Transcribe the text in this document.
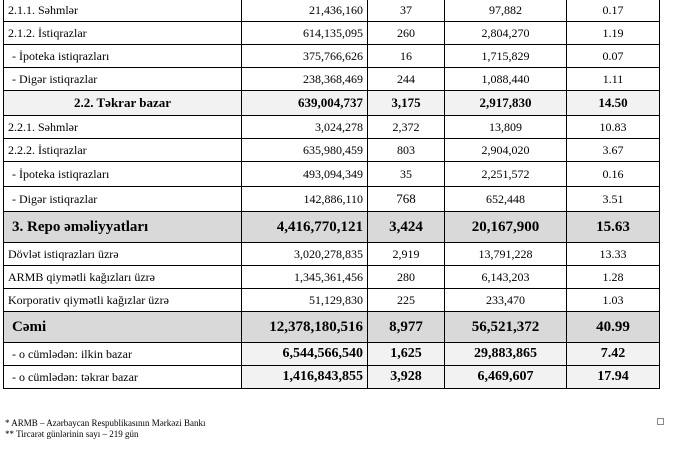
2.1.1. Səhmlər	21,436,160	37	97,882	0.17
2.1.2. İstiqrazlar	614,135,095	260	2,804,270	1.19
- İpoteka istiqrazları	375,766,626	16	1,715,829	0.07
- Digər istiqrazlar	238,368,469	244	1,088,440	1.11
2.2. Təkrar bazar	639,004,737	3,175	2,917,830	14.50
2.2.1. Səhmlər	3,024,278	2,372	13,809	10.83
2.2.2. İstiqrazlar	635,980,459	803	2,904,020	3.67
- İpoteka istiqrazları	493,094,349	35	2,251,572	0.16
- Digər istiqrazlar	142,886,110	768	652,448	3.51
3. Repo əməliyyatları	4,416,770,121	3,424	20,167,900	15.63
Dövlət istiqrazları üzrə	3,020,278,835	2,919	13,791,228	13.33
ARMB qiymətli kağızları üzrə	1,345,361,456	280	6,143,203	1.28
Korporativ qiymətli kağızlar üzrə	51,129,830	225	233,470	1.03
Cəmi	12,378,180,516	8,977	56,521,372	40.99
- o cümlədən: ilkin bazar	6,544,566,540	1,625	29,883,865	7.42
- o cümlədən: təkrar bazar	1,416,843,855	3,928	6,469,607	17.94
* ARMB – Azərbaycan Respublikasının Mərkəzi Bankı
** Tircarət günlərinin sayı – 219 gün
